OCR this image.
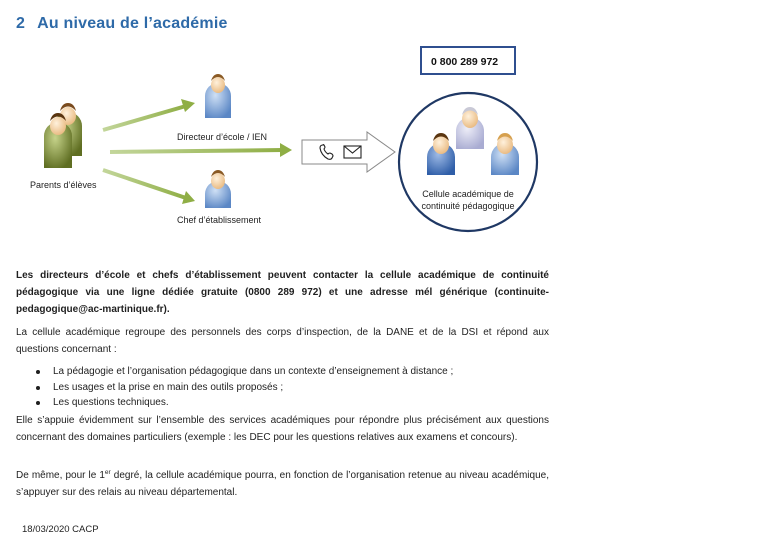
2 Au niveau de l’académie
Parents d’élèves
Directeur d’école / IEN
Chef d’établissement
0 800 289 972
Cellule académique de
continuité pédagogique
Les directeurs d’école et chefs d’établissement peuvent contacter la cellule académique de continuité pédagogique via une ligne dédiée gratuite (0800 289 972) et une adresse mél générique (continuite-pedagogique@ac-martinique.fr).
La cellule académique regroupe des personnels des corps d’inspection, de la DANE et de la DSI et répond aux questions concernant :
La pédagogie et l’organisation pédagogique dans un contexte d’enseignement à distance ;
Les usages et la prise en main des outils proposés ;
Les questions techniques.
Elle s’appuie évidemment sur l’ensemble des services académiques pour répondre plus précisément aux questions concernant des domaines particuliers (exemple : les DEC pour les questions relatives aux examens et concours).
De même, pour le 1er degré, la cellule académique pourra, en fonction de l’organisation retenue au niveau académique, s’appuyer sur des relais au niveau départemental.
18/03/2020 CACP
